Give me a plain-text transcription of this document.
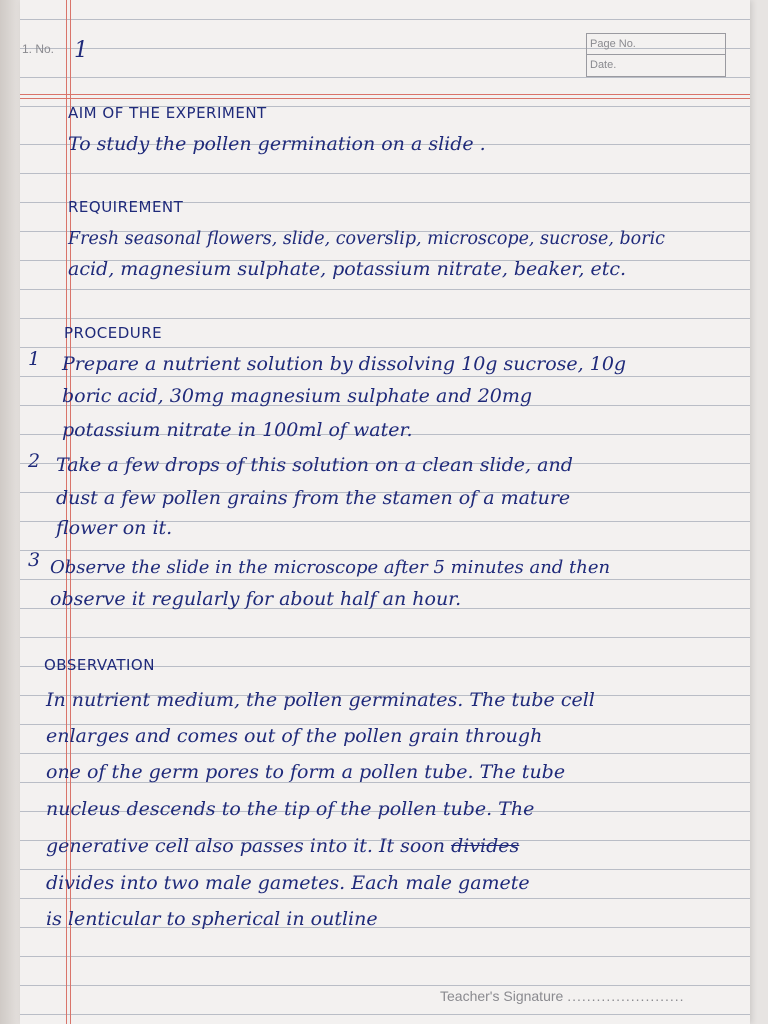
1. No. 1	Page No.
Date.
AIM OF THE EXPERIMENT
To study the pollen germination on a slide .
REQUIREMENT
Fresh seasonal flowers, slide, coverslip, microscope, sucrose, boric
acid, magnesium sulphate, potassium nitrate, beaker, etc.
PROCEDURE
1 Prepare a nutrient solution by dissolving 10g sucrose, 10g
boric acid, 30mg magnesium sulphate and 20mg
potassium nitrate in 100ml of water.
2 Take a few drops of this solution on a clean slide, and
dust a few pollen grains from the stamen of a mature
flower on it.
3 Observe the slide in the microscope after 5 minutes and then
observe it regularly for about half an hour.
OBSERVATION
In nutrient medium, the pollen germinates. The tube cell
enlarges and comes out of the pollen grain through
one of the germ pores to form a pollen tube. The tube
nucleus descends to the tip of the pollen tube. The
generative cell also passes into it. It soon divides
divides into two male gametes. Each male gamete
is lenticular to spherical in outline
Teacher's Signature ........................
